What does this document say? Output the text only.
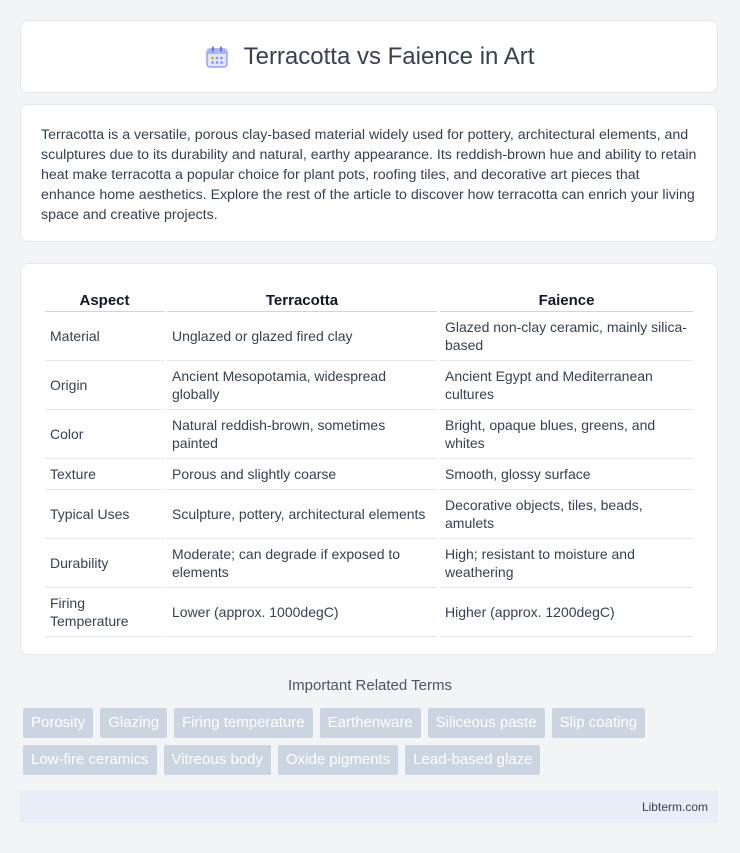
Terracotta vs Faience in Art

Terracotta is a versatile, porous clay-based material widely used for pottery, architectural elements, and sculptures due to its durability and natural, earthy appearance. Its reddish-brown hue and ability to retain heat make terracotta a popular choice for plant pots, roofing tiles, and decorative art pieces that enhance home aesthetics. Explore the rest of the article to discover how terracotta can enrich your living space and creative projects.

Aspect	Terracotta	Faience
Material	Unglazed or glazed fired clay	Glazed non-clay ceramic, mainly silica-based
Origin	Ancient Mesopotamia, widespread globally	Ancient Egypt and Mediterranean cultures
Color	Natural reddish-brown, sometimes painted	Bright, opaque blues, greens, and whites
Texture	Porous and slightly coarse	Smooth, glossy surface
Typical Uses	Sculpture, pottery, architectural elements	Decorative objects, tiles, beads, amulets
Durability	Moderate; can degrade if exposed to elements	High; resistant to moisture and weathering
Firing Temperature	Lower (approx. 1000degC)	Higher (approx. 1200degC)
Important Related Terms
Porosity	Glazing	Firing temperature	Earthenware	Siliceous paste	Slip coating
Low-fire ceramics	Vitreous body	Oxide pigments	Lead-based glaze
Libterm.com
